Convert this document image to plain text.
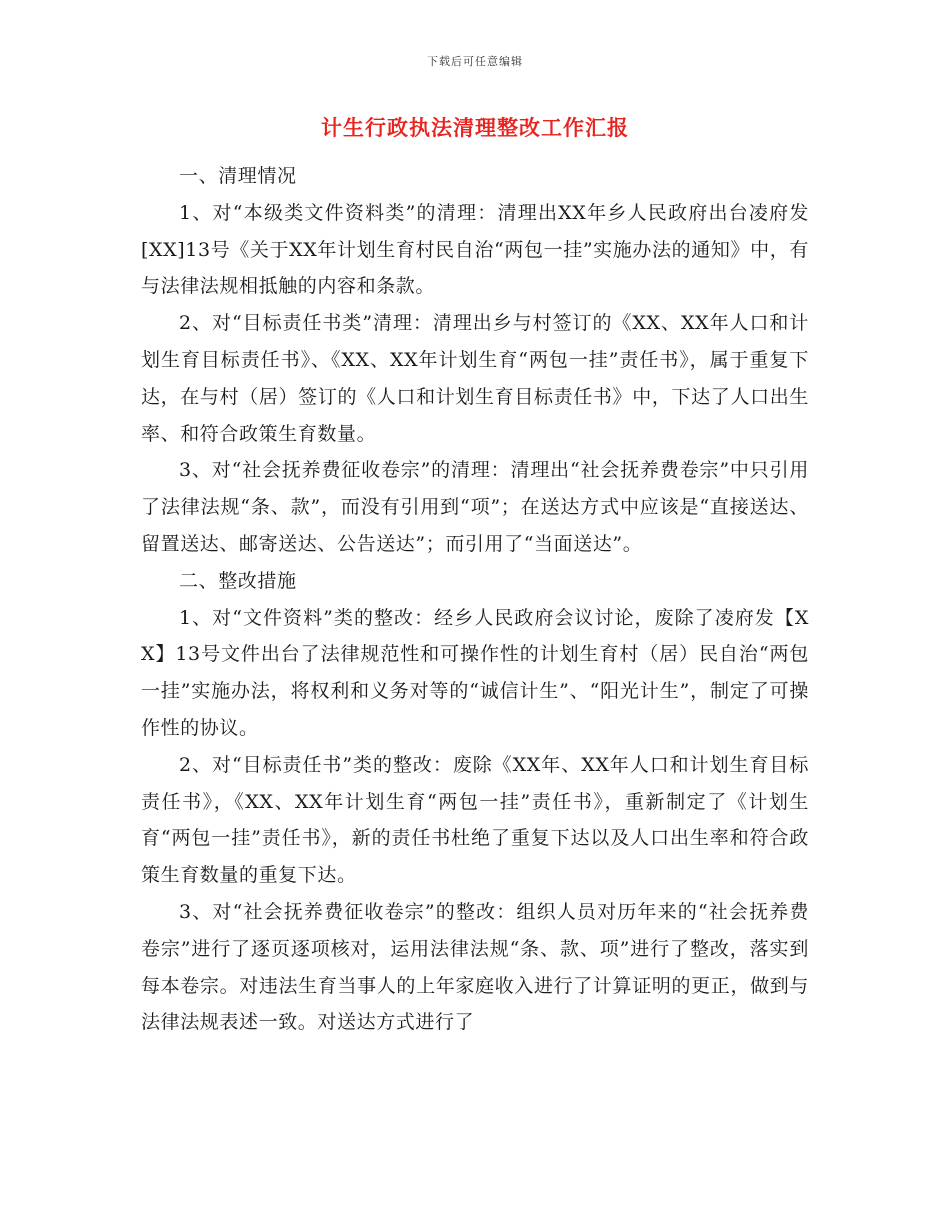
下载后可任意编辑
计生行政执法清理整改工作汇报

一、清理情况

1、对“本级类文件资料类”的清理：清理出XX年乡人民政府出台凌府发[XX]13号《关于XX年计划生育村民自治“两包一挂”实施办法的通知》中，有与法律法规相抵触的内容和条款。

2、对“目标责任书类”清理：清理出乡与村签订的《XX、XX年人口和计划生育目标责任书》、《XX、XX年计划生育“两包一挂”责任书》，属于重复下达，在与村（居）签订的《人口和计划生育目标责任书》中，下达了人口出生率、和符合政策生育数量。

3、对“社会抚养费征收卷宗”的清理：清理出“社会抚养费卷宗”中只引用了法律法规“条、款”，而没有引用到“项”；在送达方式中应该是“直接送达、留置送达、邮寄送达、公告送达”；而引用了“当面送达”。

二、整改措施

1、对“文件资料”类的整改：经乡人民政府会议讨论，废除了凌府发【XX】13号文件出台了法律规范性和可操作性的计划生育村（居）民自治“两包一挂”实施办法，将权利和义务对等的“诚信计生”、“阳光计生”，制定了可操作性的协议。

2、对“目标责任书”类的整改：废除《XX年、XX年人口和计划生育目标责任书》，《XX、XX年计划生育“两包一挂”责任书》，重新制定了《计划生育“两包一挂”责任书》，新的责任书杜绝了重复下达以及人口出生率和符合政策生育数量的重复下达。

3、对“社会抚养费征收卷宗”的整改：组织人员对历年来的“社会抚养费卷宗”进行了逐页逐项核对，运用法律法规“条、款、项”进行了整改，落实到每本卷宗。对违法生育当事人的上年家庭收入进行了计算证明的更正，做到与法律法规表述一致。对送达方式进行了
